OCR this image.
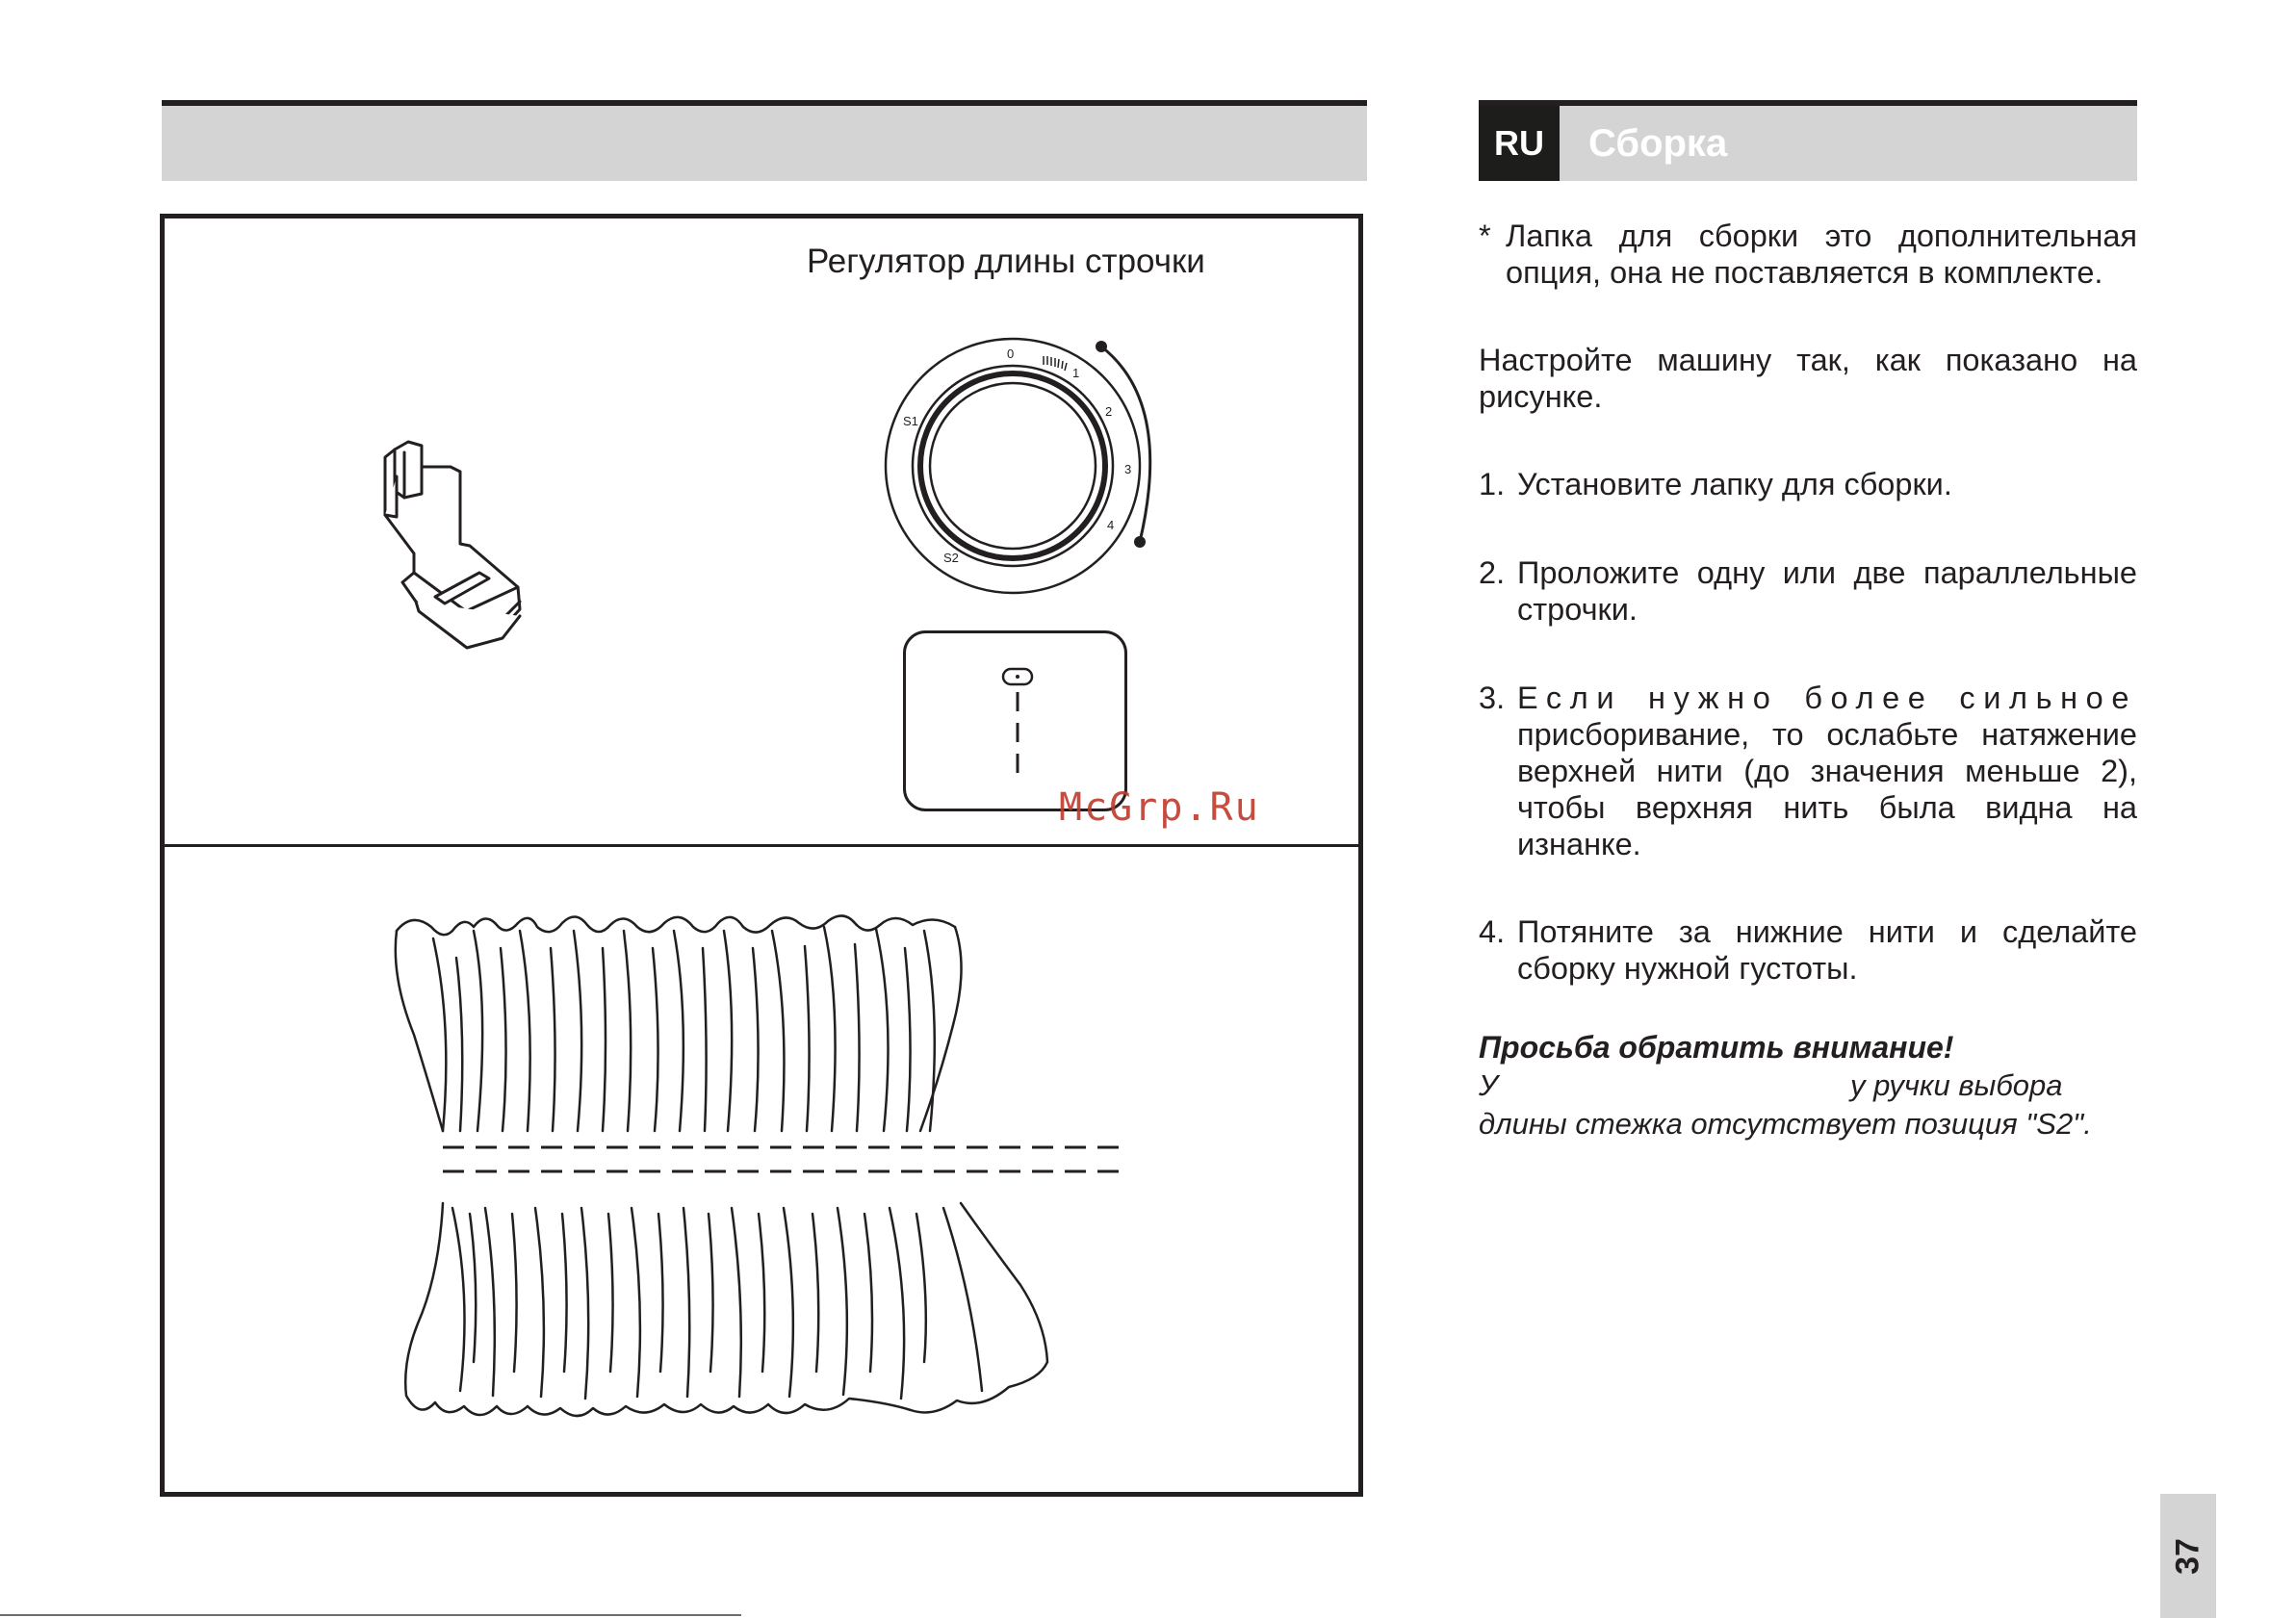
RU	Сборка
Регулятор длины строчки
0
1
2
3
4
S1
S2
McGrp.Ru
* Лапка для сборки это дополнительная
опция, она не поставляется в комплекте.
Настройте машину так, как показано на
рисунке.
1. Установите лапку для сборки.
2. Проложите одну или две параллельные
строчки.
3. Если нужно более сильное
присборивание, то ослабьте натяжение
верхней нити (до значения меньше 2),
чтобы верхняя нить была видна на
изнанке.
4. Потяните за нижние нити и сделайте
сборку нужной густоты.
Просьба обратить внимание!
У	у ручки выбора
длины стежка отсутствует позиция "S2".
37
